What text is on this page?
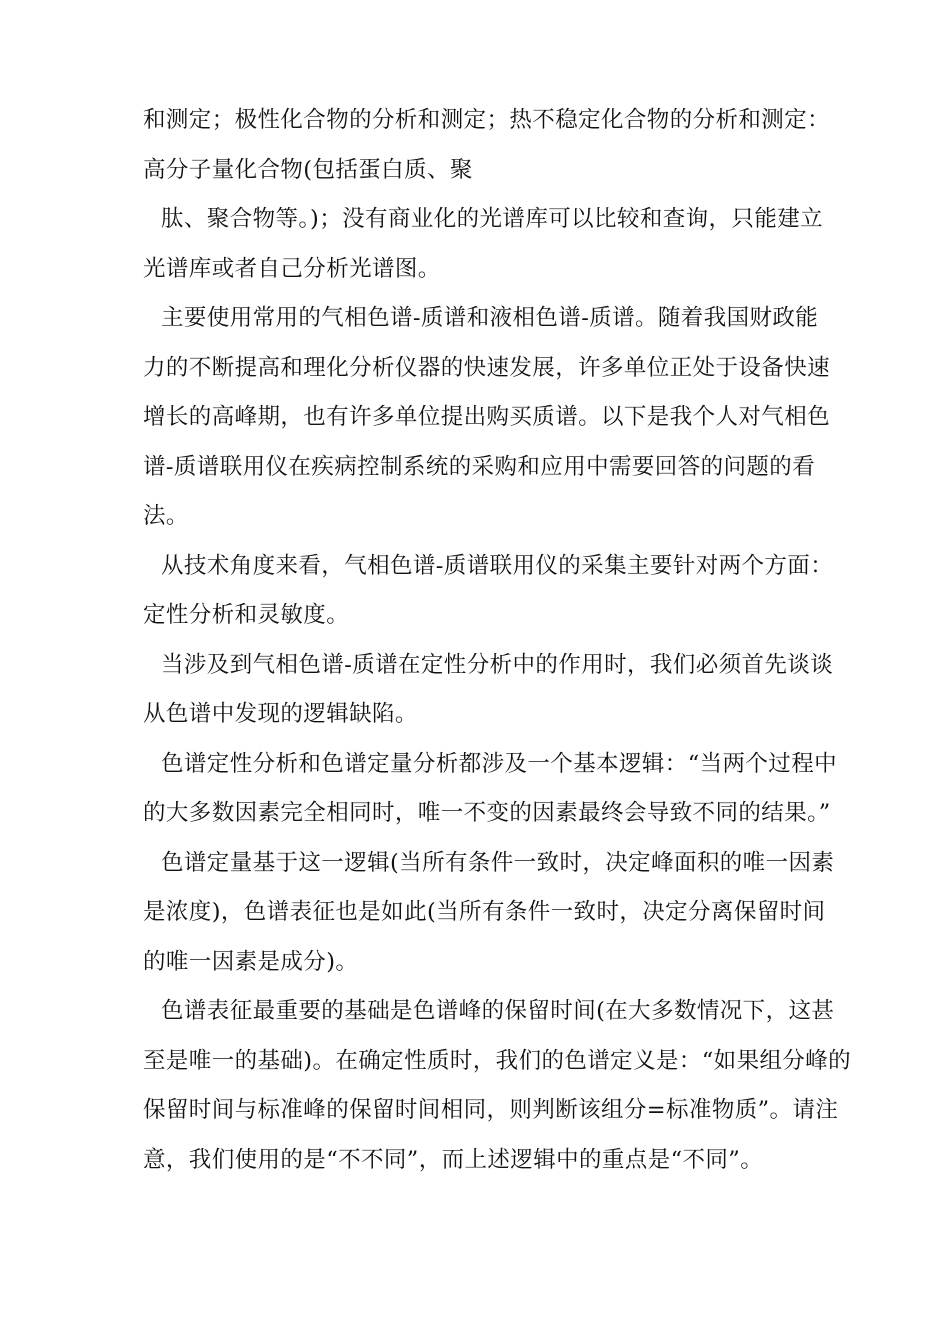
和测定；极性化合物的分析和测定；热不稳定化合物的分析和测定：
高分子量化合物(包括蛋白质、聚
肽、聚合物等。)；没有商业化的光谱库可以比较和查询，只能建立
光谱库或者自己分析光谱图。
主要使用常用的气相色谱-质谱和液相色谱-质谱。随着我国财政能
力的不断提高和理化分析仪器的快速发展，许多单位正处于设备快速
增长的高峰期，也有许多单位提出购买质谱。以下是我个人对气相色
谱-质谱联用仪在疾病控制系统的采购和应用中需要回答的问题的看
法。
从技术角度来看，气相色谱-质谱联用仪的采集主要针对两个方面：
定性分析和灵敏度。
当涉及到气相色谱-质谱在定性分析中的作用时，我们必须首先谈谈
从色谱中发现的逻辑缺陷。
色谱定性分析和色谱定量分析都涉及一个基本逻辑：“当两个过程中
的大多数因素完全相同时，唯一不变的因素最终会导致不同的结果。”
色谱定量基于这一逻辑(当所有条件一致时，决定峰面积的唯一因素
是浓度)，色谱表征也是如此(当所有条件一致时，决定分离保留时间
的唯一因素是成分)。
色谱表征最重要的基础是色谱峰的保留时间(在大多数情况下，这甚
至是唯一的基础)。在确定性质时，我们的色谱定义是：“如果组分峰的
保留时间与标准峰的保留时间相同，则判断该组分=标准物质”。请注
意，我们使用的是“不不同”，而上述逻辑中的重点是“不同”。
